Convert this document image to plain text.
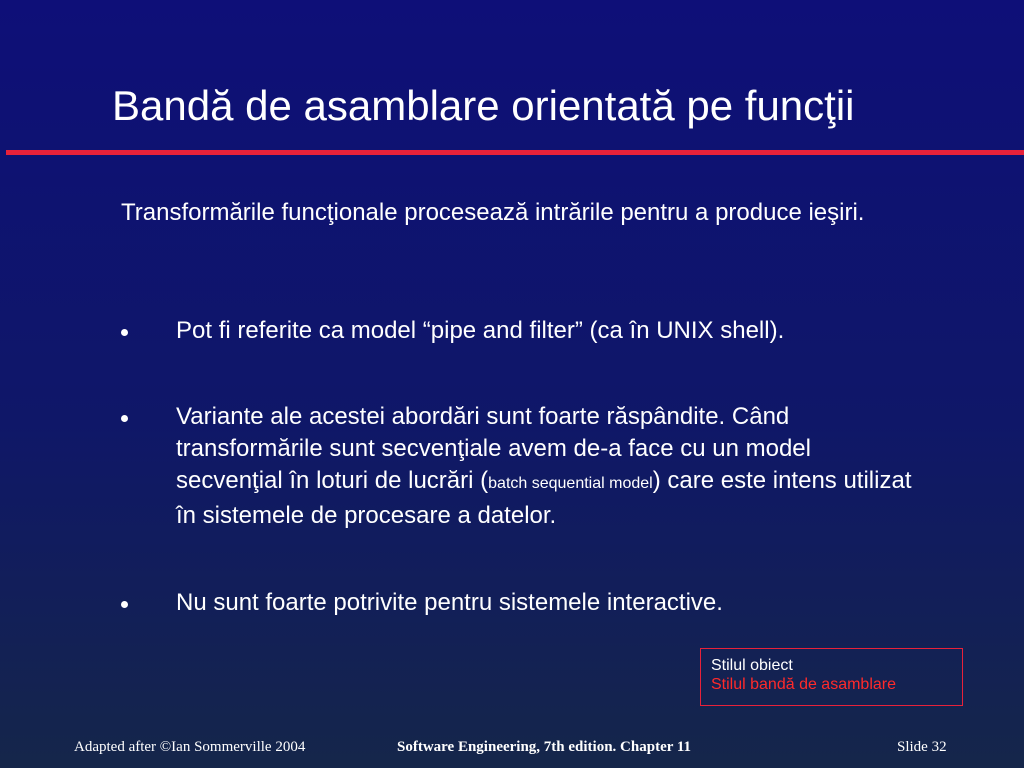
Bandă de asamblare orientată pe funcţii
Transformările funcţionale procesează intrările pentru a produce ieşiri.
Pot fi referite ca model “pipe and filter” (ca în UNIX shell).
Variante ale acestei abordări sunt foarte răspândite. Când transformările sunt secvenţiale avem de-a face cu un model secvenţial în loturi de lucrări (batch sequential model) care este intens utilizat în sistemele de procesare a datelor.
Nu sunt foarte potrivite pentru sistemele interactive.
Stilul obiect
Stilul bandă de asamblare
Adapted after ©Ian Sommerville 2004	Software Engineering, 7th edition. Chapter 11	Slide 32
